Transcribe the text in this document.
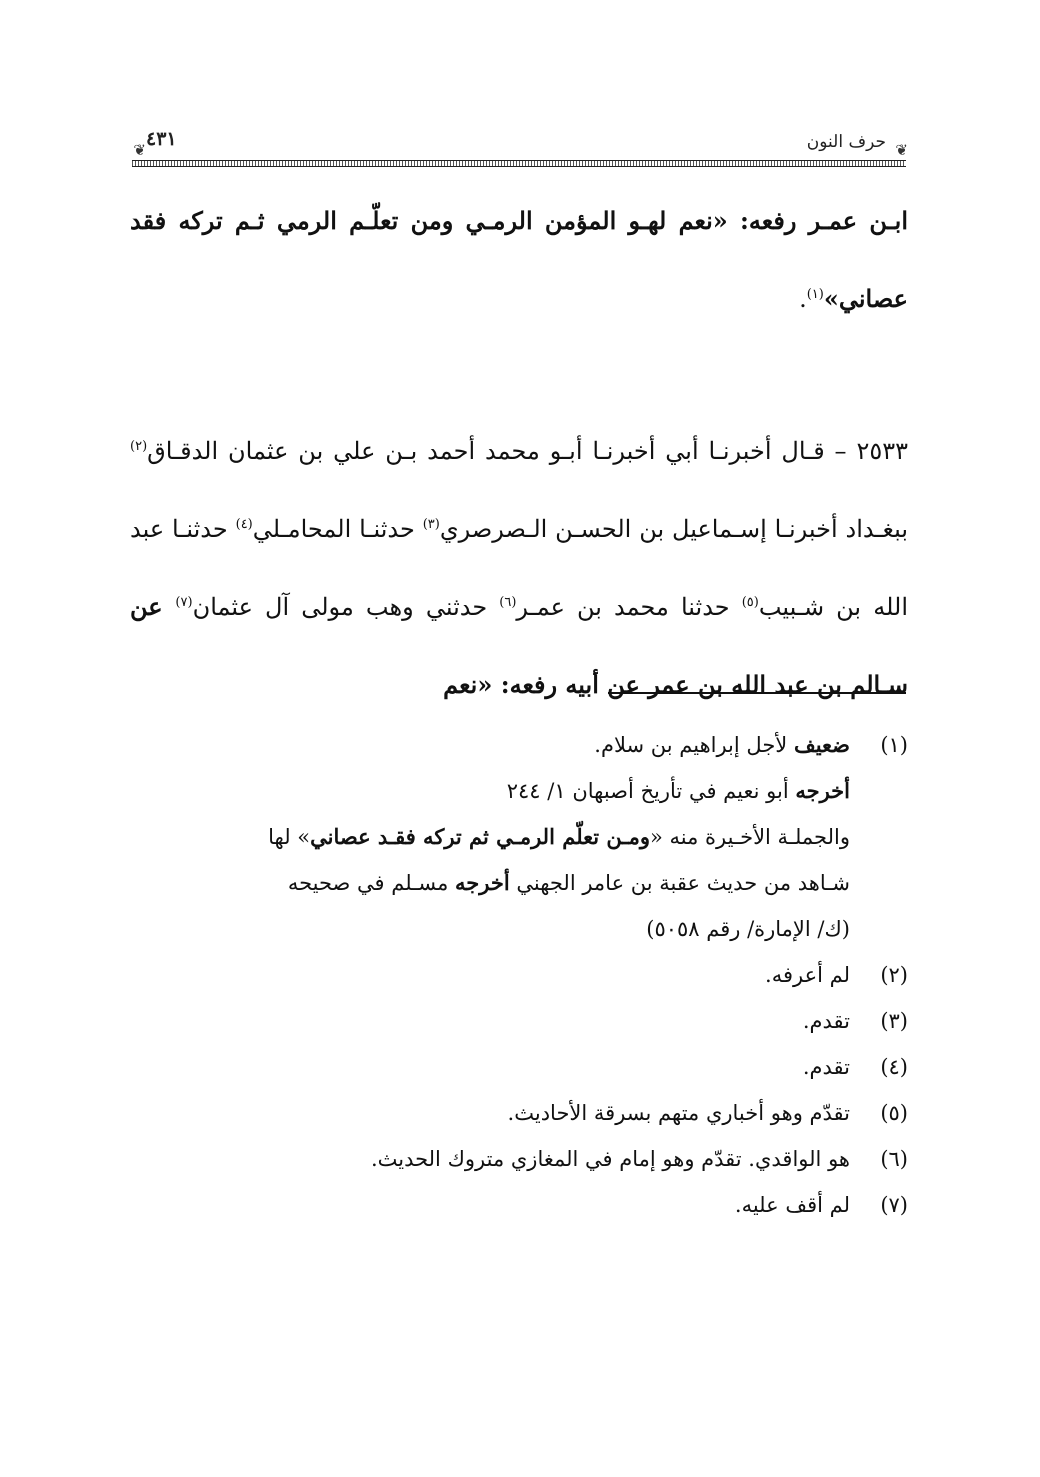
❦
حرف النون
٤٣١
❦

ابـن عمـر رفعه: «نعم لهـو المؤمن الرمـي ومن تعلّـم الرمي ثـم تركه فقد عصاني»$^{(١)}$.

٢٥٣٣ – قـال أخبرنـا أبي أخبرنـا أبـو محمد أحمد بـن علي بن عثمان الدقـاق$^{(٢)}$ ببغـداد أخبرنـا إسـماعيل بن الحسـن الـصرصري$^{(٣)}$ حدثنـا المحامـلي$^{(٤)}$ حدثنـا عبد الله بن شـبيب$^{(٥)}$ حدثنا محمد بن عمـر$^{(٦)}$ حدثني وهب مولى آل عثمان$^{(٧)}$ عن سـالم بن عبد الله بن عمر عن أبيه رفعه: «نعم

(١)
ضعيف لأجل إبراهيم بن سلام.
أخرجه أبو نعيم في تأريخ أصبهان ١/ ٢٤٤
والجملـة الأخـيرة منه «ومـن تعلّم الرمـي ثم تركه فقـد عصاني» لها
شـاهد من حديث عقبة بن عامر الجهني أخرجه مسـلم في صحيحه
(ك/ الإمارة/ رقم ٥٠٥٨)
(٢)
لم أعرفه.
(٣)
تقدم.
(٤)
تقدم.
(٥)
تقدّم وهو أخباري متهم بسرقة الأحاديث.
(٦)
هو الواقدي. تقدّم وهو إمام في المغازي متروك الحديث.
(٧)
لم أقف عليه.
